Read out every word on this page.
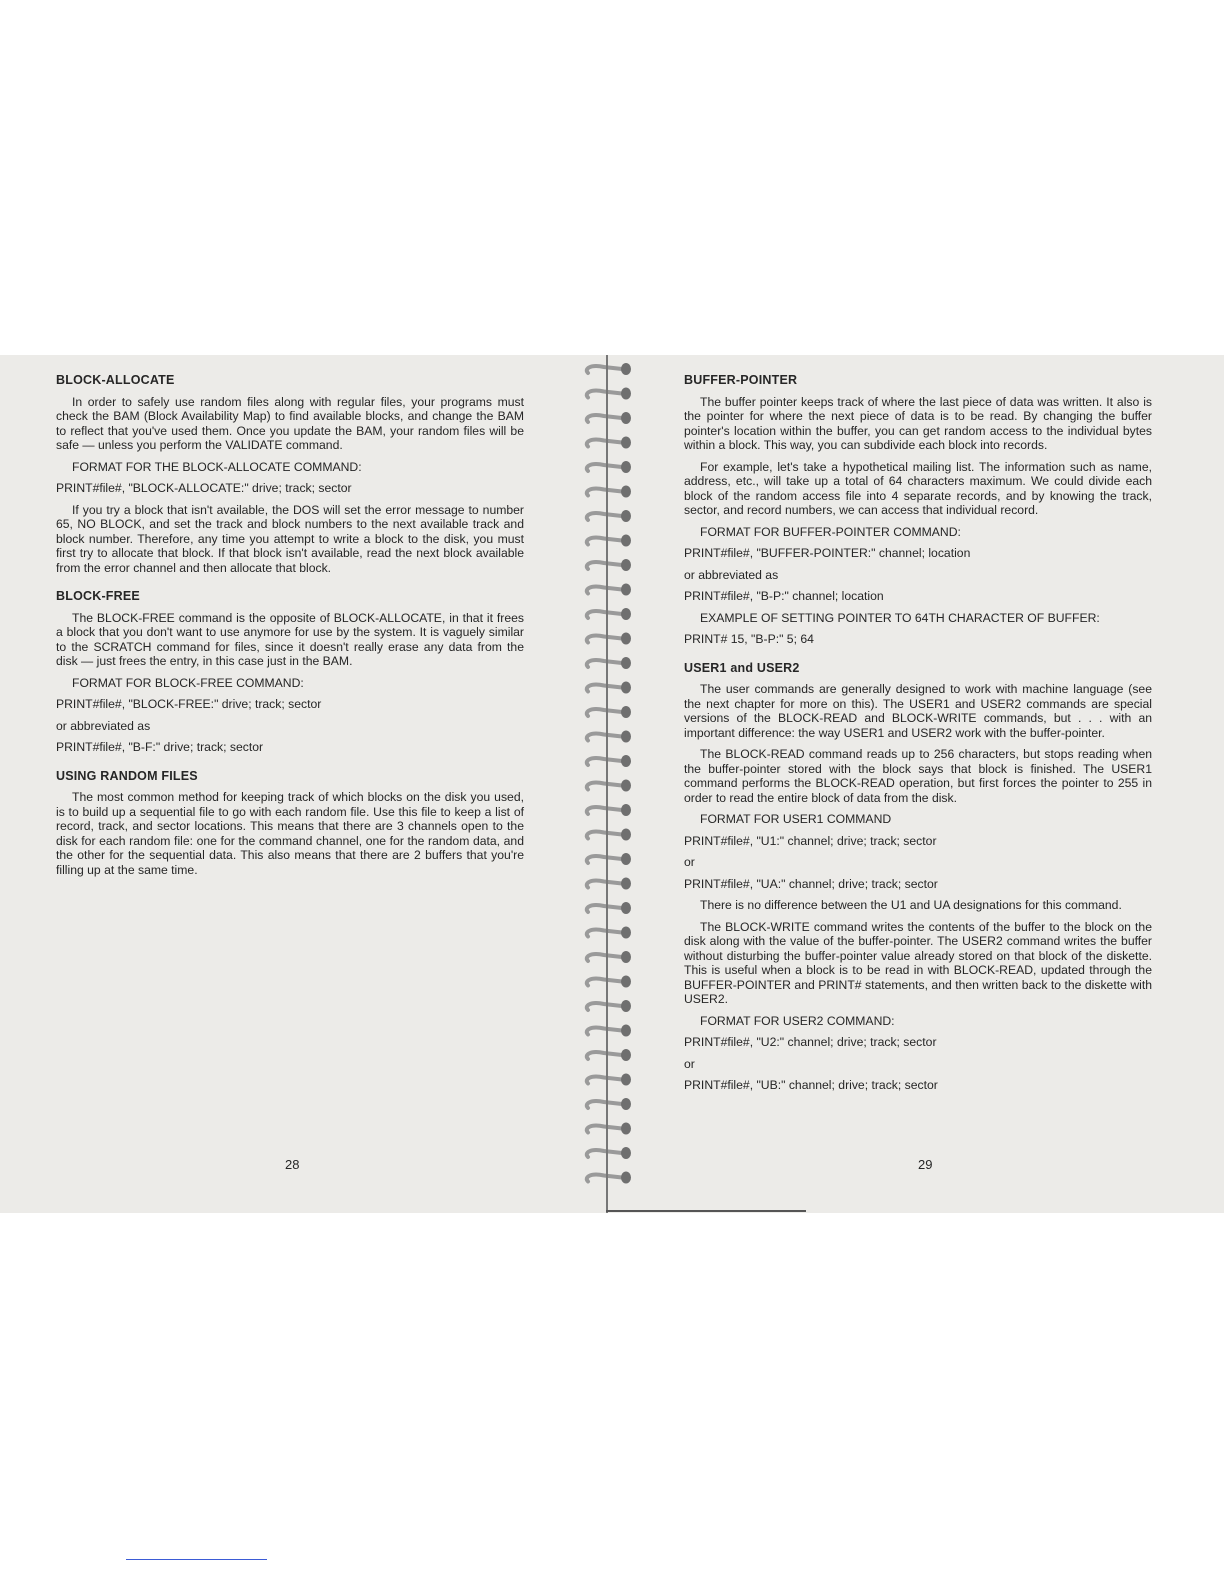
BLOCK-ALLOCATE

In order to safely use random files along with regular files, your programs must check the BAM (Block Availability Map) to find available blocks, and change the BAM to reflect that you've used them. Once you update the BAM, your random files will be safe — unless you perform the VALIDATE command.

FORMAT FOR THE BLOCK-ALLOCATE COMMAND:

PRINT#file#, "BLOCK-ALLOCATE:" drive; track; sector

If you try a block that isn't available, the DOS will set the error message to number 65, NO BLOCK, and set the track and block numbers to the next available track and block number. Therefore, any time you attempt to write a block to the disk, you must first try to allocate that block. If that block isn't available, read the next block available from the error channel and then allocate that block.

BLOCK-FREE

The BLOCK-FREE command is the opposite of BLOCK-ALLOCATE, in that it frees a block that you don't want to use anymore for use by the system. It is vaguely similar to the SCRATCH command for files, since it doesn't really erase any data from the disk — just frees the entry, in this case just in the BAM.

FORMAT FOR BLOCK-FREE COMMAND:

PRINT#file#, "BLOCK-FREE:" drive; track; sector

or abbreviated as

PRINT#file#, "B-F:" drive; track; sector

USING RANDOM FILES

The most common method for keeping track of which blocks on the disk you used, is to build up a sequential file to go with each random file. Use this file to keep a list of record, track, and sector locations. This means that there are 3 channels open to the disk for each random file: one for the command channel, one for the random data, and the other for the sequential data. This also means that there are 2 buffers that you're filling up at the same time.

28
BUFFER-POINTER

The buffer pointer keeps track of where the last piece of data was written. It also is the pointer for where the next piece of data is to be read. By changing the buffer pointer's location within the buffer, you can get random access to the individual bytes within a block. This way, you can subdivide each block into records.

For example, let's take a hypothetical mailing list. The information such as name, address, etc., will take up a total of 64 characters maximum. We could divide each block of the random access file into 4 separate records, and by knowing the track, sector, and record numbers, we can access that individual record.

FORMAT FOR BUFFER-POINTER COMMAND:

PRINT#file#, "BUFFER-POINTER:" channel; location

or abbreviated as

PRINT#file#, "B-P:" channel; location

EXAMPLE OF SETTING POINTER TO 64TH CHARACTER OF BUFFER:

PRINT# 15, "B-P:" 5; 64

USER1 and USER2

The user commands are generally designed to work with machine language (see the next chapter for more on this). The USER1 and USER2 commands are special versions of the BLOCK-READ and BLOCK-WRITE commands, but . . . with an important difference: the way USER1 and USER2 work with the buffer-pointer.

The BLOCK-READ command reads up to 256 characters, but stops reading when the buffer-pointer stored with the block says that block is finished. The USER1 command performs the BLOCK-READ operation, but first forces the pointer to 255 in order to read the entire block of data from the disk.

FORMAT FOR USER1 COMMAND

PRINT#file#, "U1:" channel; drive; track; sector

or

PRINT#file#, "UA:" channel; drive; track; sector

There is no difference between the U1 and UA designations for this command.

The BLOCK-WRITE command writes the contents of the buffer to the block on the disk along with the value of the buffer-pointer. The USER2 command writes the buffer without disturbing the buffer-pointer value already stored on that block of the diskette. This is useful when a block is to be read in with BLOCK-READ, updated through the BUFFER-POINTER and PRINT# statements, and then written back to the diskette with USER2.

FORMAT FOR USER2 COMMAND:

PRINT#file#, "U2:" channel; drive; track; sector

or

PRINT#file#, "UB:" channel; drive; track; sector

29
